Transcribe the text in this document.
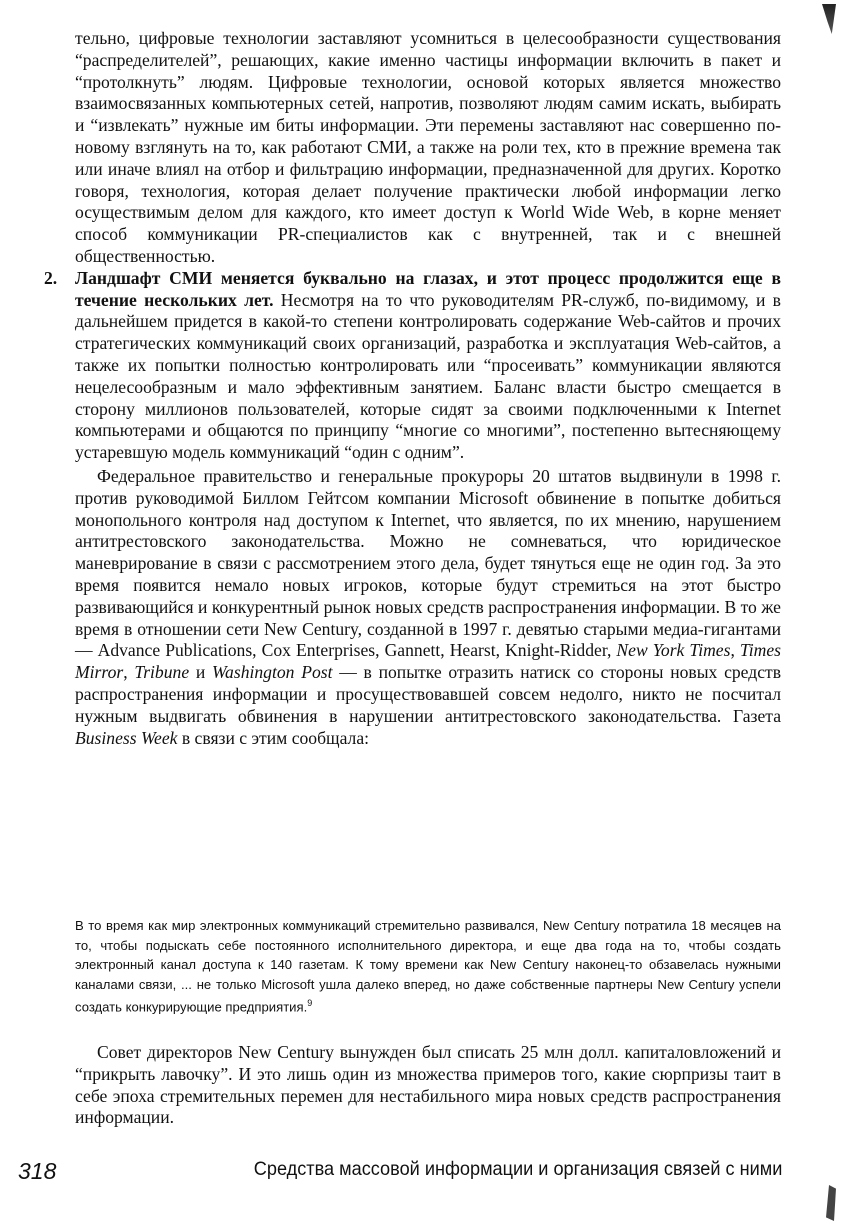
тельно, цифровые технологии заставляют усомниться в целесообразности существования “распределителей”, решающих, какие именно частицы информации включить в пакет и “протолкнуть” людям. Цифровые технологии, основой которых является множество взаимосвязанных компьютерных сетей, напротив, позволяют людям самим искать, выбирать и “извлекать” нужные им биты информации. Эти перемены заставляют нас совершенно по-новому взглянуть на то, как работают СМИ, а также на роли тех, кто в прежние времена так или иначе влиял на отбор и фильтрацию информации, предназначенной для других. Коротко говоря, технология, которая делает получение практически любой информации легко осуществимым делом для каждого, кто имеет доступ к World Wide Web, в корне меняет способ коммуникации PR-специалистов как с внутренней, так и с внешней общественностью.

2. Ландшафт СМИ меняется буквально на глазах, и этот процесс продолжится еще в течение нескольких лет. Несмотря на то что руководителям PR-служб, по-видимому, и в дальнейшем придется в какой-то степени контролировать содержание Web-сайтов и прочих стратегических коммуникаций своих организаций, разработка и эксплуатация Web-сайтов, а также их попытки полностью контролировать или “просеивать” коммуникации являются нецелесообразным и мало эффективным занятием. Баланс власти быстро смещается в сторону миллионов пользователей, которые сидят за своими подключенными к Internet компьютерами и общаются по принципу “многие со многими”, постепенно вытесняющему устаревшую модель коммуникаций “один с одним”.

Федеральное правительство и генеральные прокуроры 20 штатов выдвинули в 1998 г. против руководимой Биллом Гейтсом компании Microsoft обвинение в попытке добиться монопольного контроля над доступом к Internet, что является, по их мнению, нарушением антитрестовского законодательства. Можно не сомневаться, что юридическое маневрирование в связи с рассмотрением этого дела, будет тянуться еще не один год. За это время появится немало новых игроков, которые будут стремиться на этот быстро развивающийся и конкурентный рынок новых средств распространения информации. В то же время в отношении сети New Century, созданной в 1997 г. девятью старыми медиа-гигантами — Advance Publications, Cox Enterprises, Gannett, Hearst, Knight-Ridder, New York Times, Times Mirror, Tribune и Washington Post — в попытке отразить натиск со стороны новых средств распространения информации и просуществовавшей совсем недолго, никто не посчитал нужным выдвигать обвинения в нарушении антитрестовского законодательства. Газета Business Week в связи с этим сообщала:

В то время как мир электронных коммуникаций стремительно развивался, New Century потратила 18 месяцев на то, чтобы подыскать себе постоянного исполнительного директора, и еще два года на то, чтобы создать электронный канал доступа к 140 газетам. К тому времени как New Century наконец-то обзавелась нужными каналами связи, ... не только Microsoft ушла далеко вперед, но даже собственные партнеры New Century успели создать конкурирующие предприятия.$^9$

Совет директоров New Century вынужден был списать 25 млн долл. капиталовложений и “прикрыть лавочку”. И это лишь один из множества примеров того, какие сюрпризы таит в себе эпоха стремительных перемен для нестабильного мира новых средств распространения информации.

318	Средства массовой информации и организация связей с ними
